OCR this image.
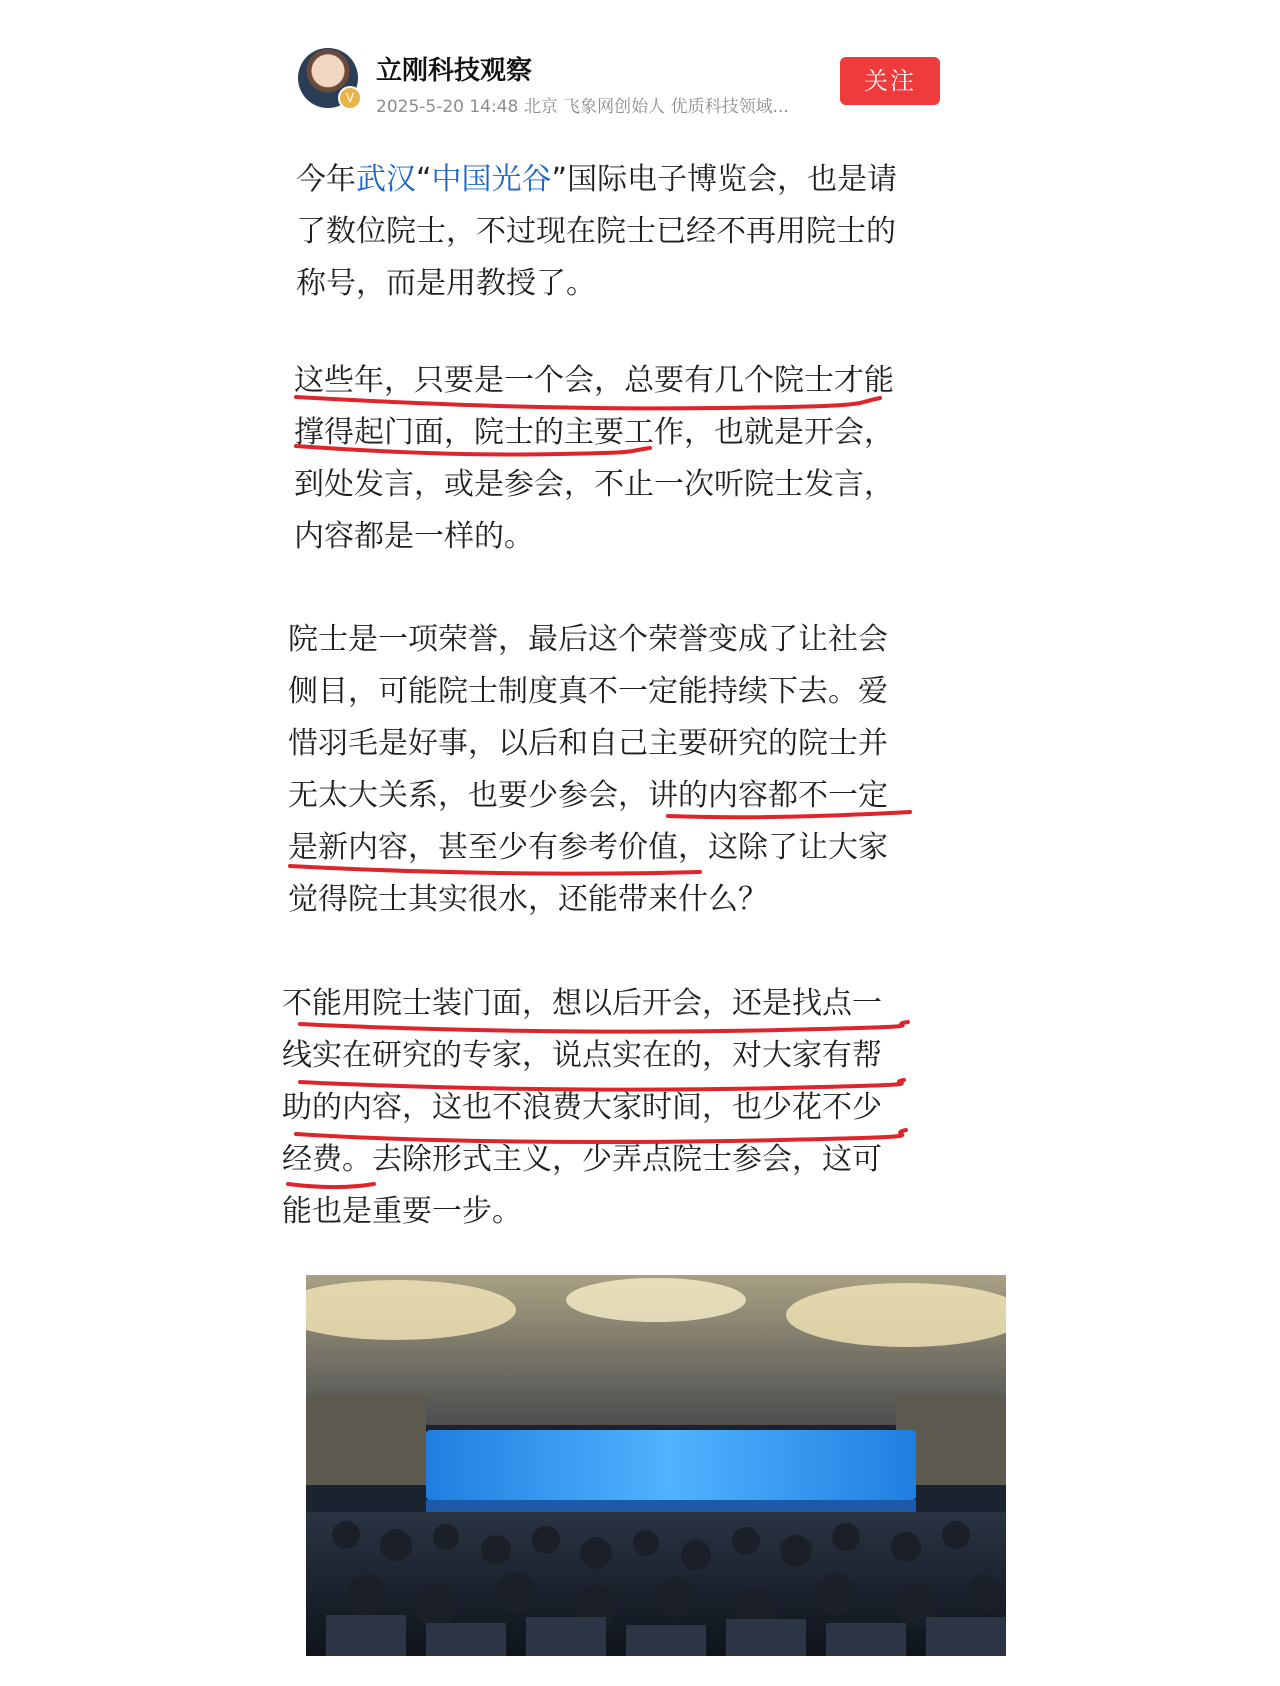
V
立刚科技观察
2025-5-20 14:48 北京 飞象网创始人 优质科技领域...
关注
今年武汉“中国光谷”国际电子博览会，也是请
了数位院士，不过现在院士已经不再用院士的
称号，而是用教授了。
这些年，只要是一个会，总要有几个院士才能
撑得起门面，院士的主要工作，也就是开会，
到处发言，或是参会，不止一次听院士发言，
内容都是一样的。
院士是一项荣誉，最后这个荣誉变成了让社会
侧目，可能院士制度真不一定能持续下去。爱
惜羽毛是好事，以后和自己主要研究的院士并
无太大关系，也要少参会，讲的内容都不一定
是新内容，甚至少有参考价值，这除了让大家
觉得院士其实很水，还能带来什么？
不能用院士装门面，想以后开会，还是找点一
线实在研究的专家，说点实在的，对大家有帮
助的内容，这也不浪费大家时间，也少花不少
经费。去除形式主义，少弄点院士参会，这可
能也是重要一步。
